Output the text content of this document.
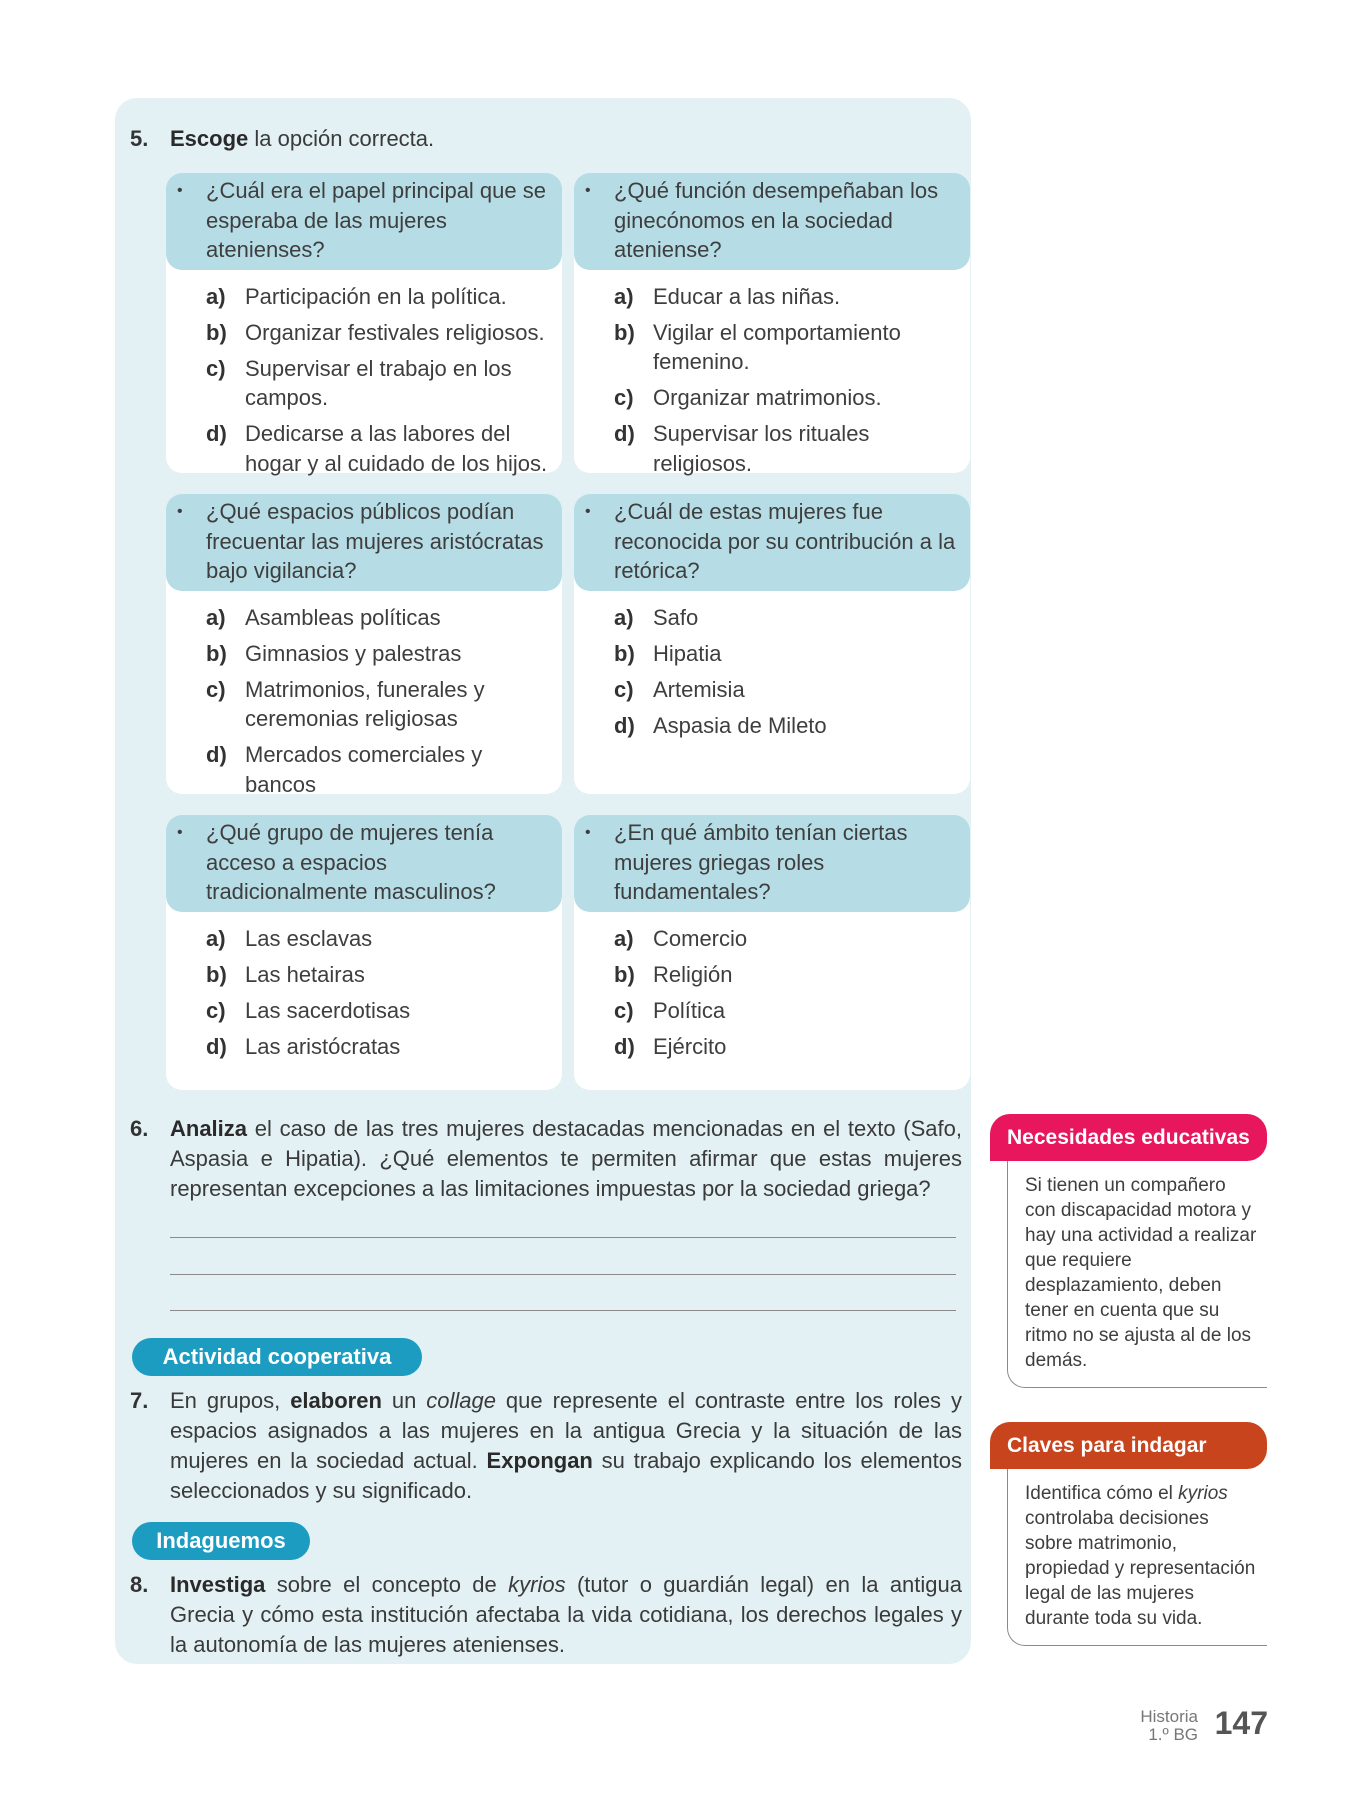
5. Escoge la opción correcta.
• ¿Cuál era el papel principal que se esperaba de las mujeres atenienses?
a) Participación en la política.
b) Organizar festivales religiosos.
c) Supervisar el trabajo en los campos.
d) Dedicarse a las labores del hogar y al cuidado de los hijos.
• ¿Qué función desempeñaban los ginecónomos en la sociedad ateniense?
a) Educar a las niñas.
b) Vigilar el comportamiento femenino.
c) Organizar matrimonios.
d) Supervisar los rituales religiosos.
• ¿Qué espacios públicos podían frecuentar las mujeres aristócratas bajo vigilancia?
a) Asambleas políticas
b) Gimnasios y palestras
c) Matrimonios, funerales y ceremonias religiosas
d) Mercados comerciales y bancos
• ¿Cuál de estas mujeres fue reconocida por su contribución a la retórica?
a) Safo
b) Hipatia
c) Artemisia
d) Aspasia de Mileto
• ¿Qué grupo de mujeres tenía acceso a espacios tradicionalmente masculinos?
a) Las esclavas
b) Las hetairas
c) Las sacerdotisas
d) Las aristócratas
• ¿En qué ámbito tenían ciertas mujeres griegas roles fundamentales?
a) Comercio
b) Religión
c) Política
d) Ejército
6. Analiza el caso de las tres mujeres destacadas mencionadas en el texto (Safo, Aspasia e Hipatia). ¿Qué elementos te permiten afirmar que estas mujeres representan excepciones a las limitaciones impuestas por la sociedad griega?
Actividad cooperativa
7. En grupos, elaboren un collage que represente el contraste entre los roles y espacios asignados a las mujeres en la antigua Grecia y la situación de las mujeres en la sociedad actual. Expongan su trabajo explicando los elementos seleccionados y su significado.
Indaguemos
8. Investiga sobre el concepto de kyrios (tutor o guardián legal) en la antigua Grecia y cómo esta institución afectaba la vida cotidiana, los derechos legales y la autonomía de las mujeres atenienses.
Necesidades educativas
Si tienen un compañero con discapacidad motora y hay una actividad a realizar que requiere desplazamiento, deben tener en cuenta que su ritmo no se ajusta al de los demás.
Claves para indagar
Identifica cómo el kyrios controlaba decisiones sobre matrimonio, propiedad y representación legal de las mujeres durante toda su vida.
Historia
1.º BG 147
